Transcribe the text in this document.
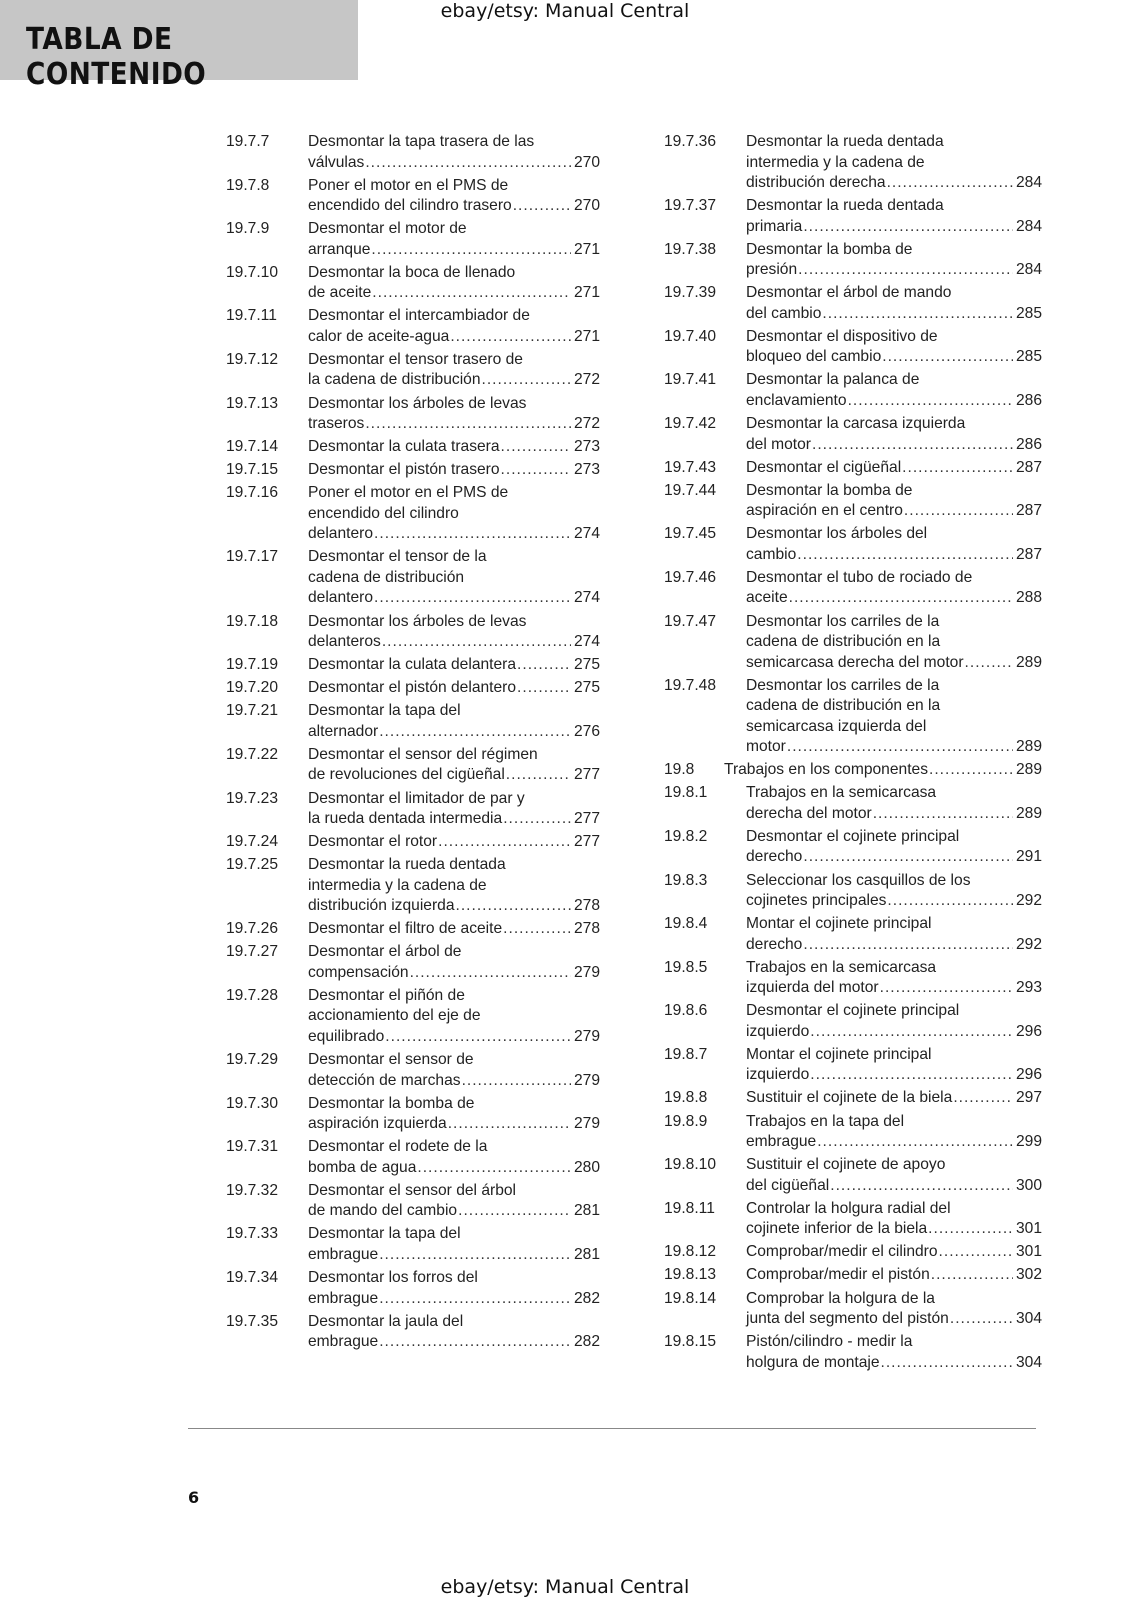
TABLA DE CONTENIDO
ebay/etsy: Manual Central
19.7.7	Desmontar la tapa trasera de las
válvulas .....	270
19.7.8	Poner el motor en el PMS de
encendido del cilindro trasero .....	270
19.7.9	Desmontar el motor de
arranque .....	271
19.7.10	Desmontar la boca de llenado
de aceite .....	271
19.7.11	Desmontar el intercambiador de
calor de aceite-agua .....	271
19.7.12	Desmontar el tensor trasero de
la cadena de distribución .....	272
19.7.13	Desmontar los árboles de levas
traseros .....	272
19.7.14	Desmontar la culata trasera .....	273
19.7.15	Desmontar el pistón trasero .....	273
19.7.16	Poner el motor en el PMS de
encendido del cilindro
delantero .....	274
19.7.17	Desmontar el tensor de la
cadena de distribución
delantero .....	274
19.7.18	Desmontar los árboles de levas
delanteros .....	274
19.7.19	Desmontar la culata delantera .....	275
19.7.20	Desmontar el pistón delantero .....	275
19.7.21	Desmontar la tapa del
alternador .....	276
19.7.22	Desmontar el sensor del régimen
de revoluciones del cigüeñal .....	277
19.7.23	Desmontar el limitador de par y
la rueda dentada intermedia .....	277
19.7.24	Desmontar el rotor .....	277
19.7.25	Desmontar la rueda dentada
intermedia y la cadena de
distribución izquierda .....	278
19.7.26	Desmontar el filtro de aceite .....	278
19.7.27	Desmontar el árbol de
compensación .....	279
19.7.28	Desmontar el piñón de
accionamiento del eje de
equilibrado .....	279
19.7.29	Desmontar el sensor de
detección de marchas .....	279
19.7.30	Desmontar la bomba de
aspiración izquierda .....	279
19.7.31	Desmontar el rodete de la
bomba de agua .....	280
19.7.32	Desmontar el sensor del árbol
de mando del cambio .....	281
19.7.33	Desmontar la tapa del
embrague .....	281
19.7.34	Desmontar los forros del
embrague .....	282
19.7.35	Desmontar la jaula del
embrague .....	282
19.7.36	Desmontar la rueda dentada
intermedia y la cadena de
distribución derecha .....	284
19.7.37	Desmontar la rueda dentada
primaria .....	284
19.7.38	Desmontar la bomba de
presión .....	284
19.7.39	Desmontar el árbol de mando
del cambio .....	285
19.7.40	Desmontar el dispositivo de
bloqueo del cambio .....	285
19.7.41	Desmontar la palanca de
enclavamiento .....	286
19.7.42	Desmontar la carcasa izquierda
del motor .....	286
19.7.43	Desmontar el cigüeñal .....	287
19.7.44	Desmontar la bomba de
aspiración en el centro .....	287
19.7.45	Desmontar los árboles del
cambio .....	287
19.7.46	Desmontar el tubo de rociado de
aceite .....	288
19.7.47	Desmontar los carriles de la
cadena de distribución en la
semicarcasa derecha del motor .....	289
19.7.48	Desmontar los carriles de la
cadena de distribución en la
semicarcasa izquierda del
motor .....	289
19.8	Trabajos en los componentes .....	289
19.8.1	Trabajos en la semicarcasa
derecha del motor .....	289
19.8.2	Desmontar el cojinete principal
derecho .....	291
19.8.3	Seleccionar los casquillos de los
cojinetes principales .....	292
19.8.4	Montar el cojinete principal
derecho .....	292
19.8.5	Trabajos en la semicarcasa
izquierda del motor .....	293
19.8.6	Desmontar el cojinete principal
izquierdo .....	296
19.8.7	Montar el cojinete principal
izquierdo .....	296
19.8.8	Sustituir el cojinete de la biela .....	297
19.8.9	Trabajos en la tapa del
embrague .....	299
19.8.10	Sustituir el cojinete de apoyo
del cigüeñal .....	300
19.8.11	Controlar la holgura radial del
cojinete inferior de la biela .....	301
19.8.12	Comprobar/medir el cilindro .....	301
19.8.13	Comprobar/medir el pistón .....	302
19.8.14	Comprobar la holgura de la
junta del segmento del pistón .....	304
19.8.15	Pistón/cilindro - medir la
holgura de montaje .....	304
6
ebay/etsy: Manual Central
